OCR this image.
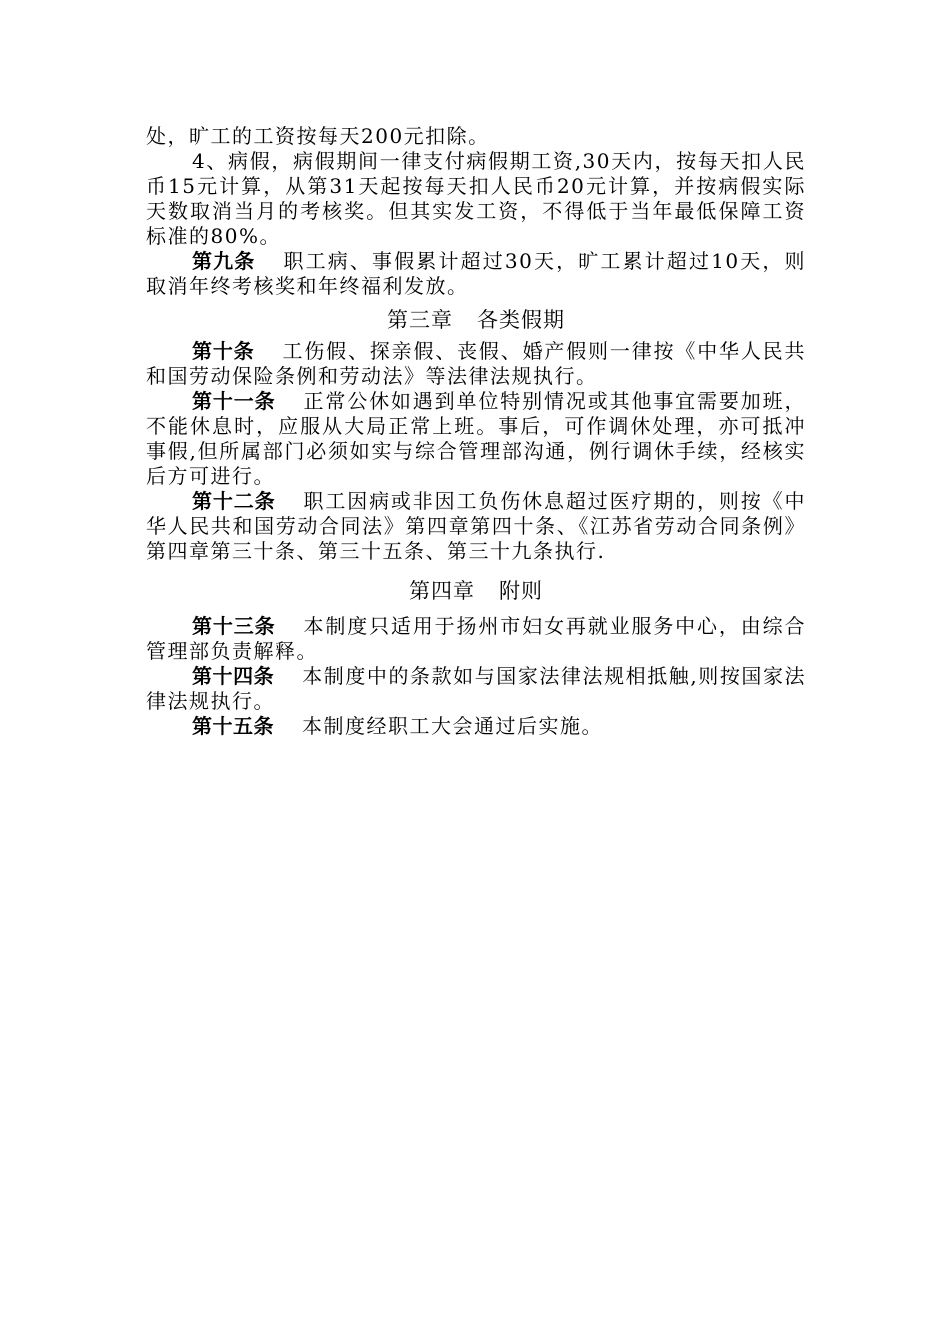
处，旷工的工资按每天200元扣除。

4、病假，病假期间一律支付病假期工资,30天内，按每天扣人民币15元计算，从第31天起按每天扣人民币20元计算，并按病假实际天数取消当月的考核奖。但其实发工资，不得低于当年最低保障工资标准的80%。

第九条 职工病、事假累计超过30天，旷工累计超过10天，则取消年终考核奖和年终福利发放。

第三章 各类假期

第十条 工伤假、探亲假、丧假、婚产假则一律按《中华人民共和国劳动保险条例和劳动法》等法律法规执行。

第十一条 正常公休如遇到单位特别情况或其他事宜需要加班，不能休息时，应服从大局正常上班。事后，可作调休处理，亦可抵冲事假,但所属部门必须如实与综合管理部沟通，例行调休手续，经核实后方可进行。

第十二条 职工因病或非因工负伤休息超过医疗期的，则按《中华人民共和国劳动合同法》第四章第四十条、《江苏省劳动合同条例》第四章第三十条、第三十五条、第三十九条执行.

第四章 附则

第十三条 本制度只适用于扬州市妇女再就业服务中心，由综合管理部负责解释。

第十四条 本制度中的条款如与国家法律法规相抵触,则按国家法律法规执行。

第十五条 本制度经职工大会通过后实施。
